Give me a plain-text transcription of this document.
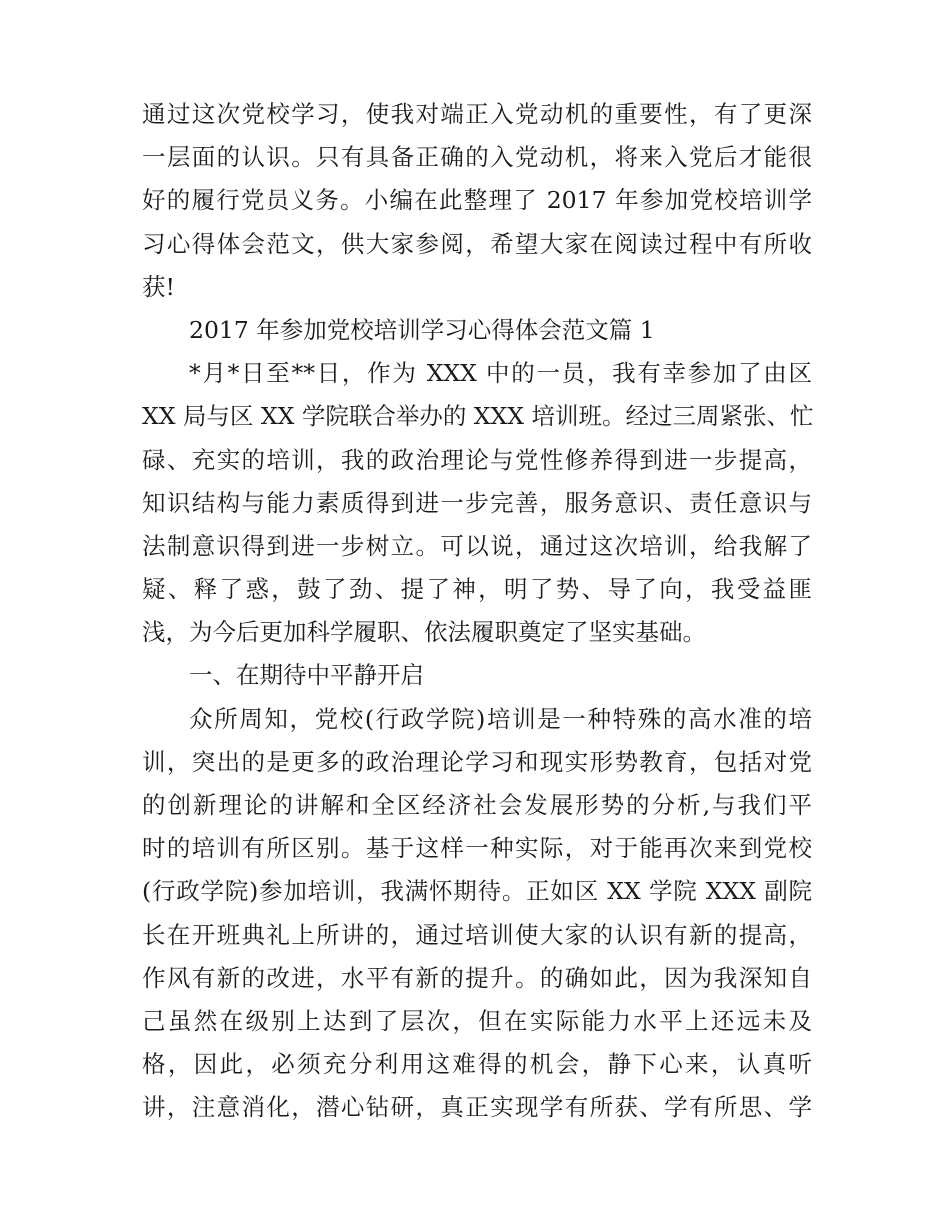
通过这次党校学习，使我对端正入党动机的重要性，有了更深
一层面的认识。只有具备正确的入党动机，将来入党后才能很
好的履行党员义务。小编在此整理了 2017 年参加党校培训学
习心得体会范文，供大家参阅，希望大家在阅读过程中有所收
获!
2017 年参加党校培训学习心得体会范文篇 1
*月*日至**日，作为 XXX 中的一员，我有幸参加了由区
XX 局与区 XX 学院联合举办的 XXX 培训班。经过三周紧张、忙
碌、充实的培训，我的政治理论与党性修养得到进一步提高，
知识结构与能力素质得到进一步完善，服务意识、责任意识与
法制意识得到进一步树立。可以说，通过这次培训，给我解了
疑、释了惑，鼓了劲、提了神，明了势、导了向，我受益匪
浅，为今后更加科学履职、依法履职奠定了坚实基础。
一、在期待中平静开启
众所周知，党校(行政学院)培训是一种特殊的高水准的培
训，突出的是更多的政治理论学习和现实形势教育，包括对党
的创新理论的讲解和全区经济社会发展形势的分析,与我们平
时的培训有所区别。基于这样一种实际，对于能再次来到党校
(行政学院)参加培训，我满怀期待。正如区 XX 学院 XXX 副院
长在开班典礼上所讲的，通过培训使大家的认识有新的提高，
作风有新的改进，水平有新的提升。的确如此，因为我深知自
己虽然在级别上达到了层次，但在实际能力水平上还远未及
格，因此，必须充分利用这难得的机会，静下心来，认真听
讲，注意消化，潜心钻研，真正实现学有所获、学有所思、学
